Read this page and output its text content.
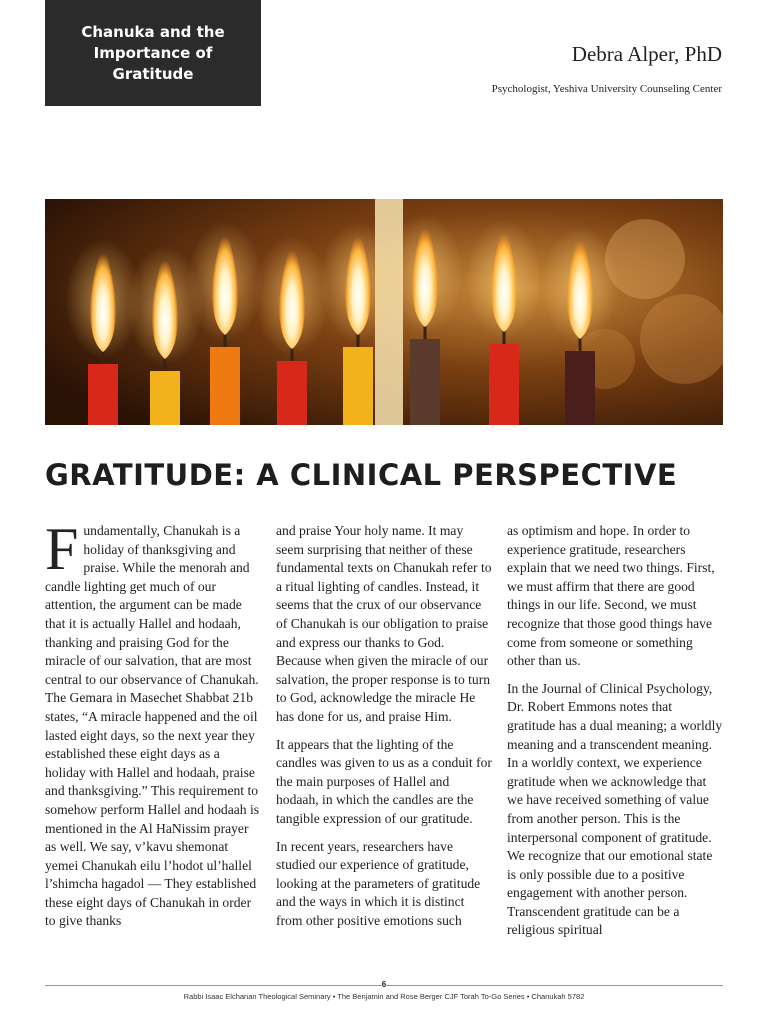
Chanuka and the
Importance of
Gratitude
Debra Alper, PhD
Psychologist, Yeshiva University Counseling Center
GRATITUDE: A CLINICAL PERSPECTIVE

Fundamentally, Chanukah is a holiday of thanksgiving and praise. While the menorah and candle lighting get much of our attention, the argument can be made that it is actually Hallel and hodaah, thanking and praising God for the miracle of our salvation, that are most central to our observance of Chanukah. The Gemara in Masechet Shabbat 21b states, “A miracle happened and the oil lasted eight days, so the next year they established these eight days as a holiday with Hallel and hodaah, praise and thanksgiving.” This requirement to somehow perform Hallel and hodaah is mentioned in the Al HaNissim prayer as well. We say, v’kavu shemonat yemei Chanukah eilu l’hodot ul’hallel l’shimcha hagadol — They established these eight days of Chanukah in order to give thanks

and praise Your holy name. It may seem surprising that neither of these fundamental texts on Chanukah refer to a ritual lighting of candles. Instead, it seems that the crux of our observance of Chanukah is our obligation to praise and express our thanks to God. Because when given the miracle of our salvation, the proper response is to turn to God, acknowledge the miracle He has done for us, and praise Him.

It appears that the lighting of the candles was given to us as a conduit for the main purposes of Hallel and hodaah, in which the candles are the tangible expression of our gratitude.

In recent years, researchers have studied our experience of gratitude, looking at the parameters of gratitude and the ways in which it is distinct from other positive emotions such

as optimism and hope. In order to experience gratitude, researchers explain that we need two things. First, we must affirm that there are good things in our life. Second, we must recognize that those good things have come from someone or something other than us.

In the Journal of Clinical Psychology, Dr. Robert Emmons notes that gratitude has a dual meaning; a worldly meaning and a transcendent meaning. In a worldly context, we experience gratitude when we acknowledge that we have received something of value from another person. This is the interpersonal component of gratitude. We recognize that our emotional state is only possible due to a positive engagement with another person. Transcendent gratitude can be a religious spiritual

Rabbi Isaac Elchanan Theological Seminary • The Benjamin and Rose Berger CJF Torah To-Go Series • Chanukah 5782
